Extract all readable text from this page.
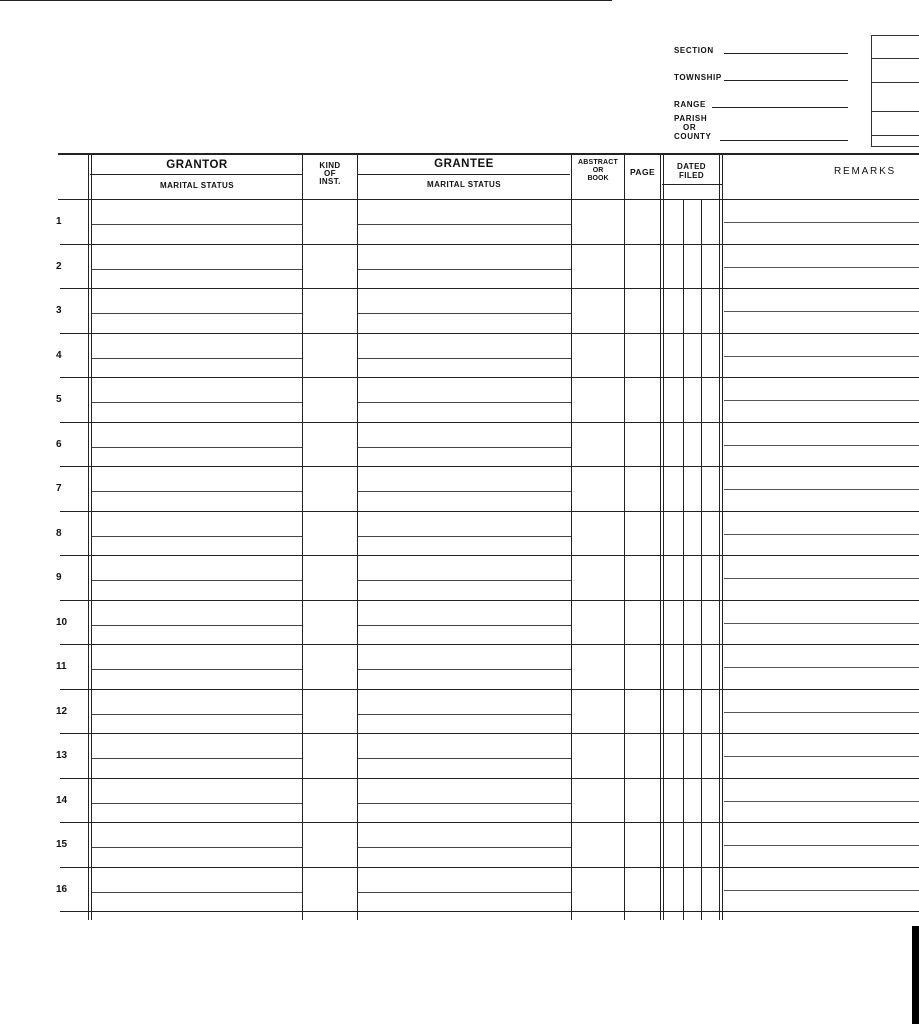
SECTION
TOWNSHIP
RANGE
PARISH
OR
COUNTY
GRANTOR
MARITAL STATUS
KIND
OF
INST.
GRANTEE
MARITAL STATUS
ABSTRACT
OR
BOOK
PAGE
DATED
FILED	REMARKS
1
2
3
4
5
6
7
8
9
10
11
12
13
14
15
16
